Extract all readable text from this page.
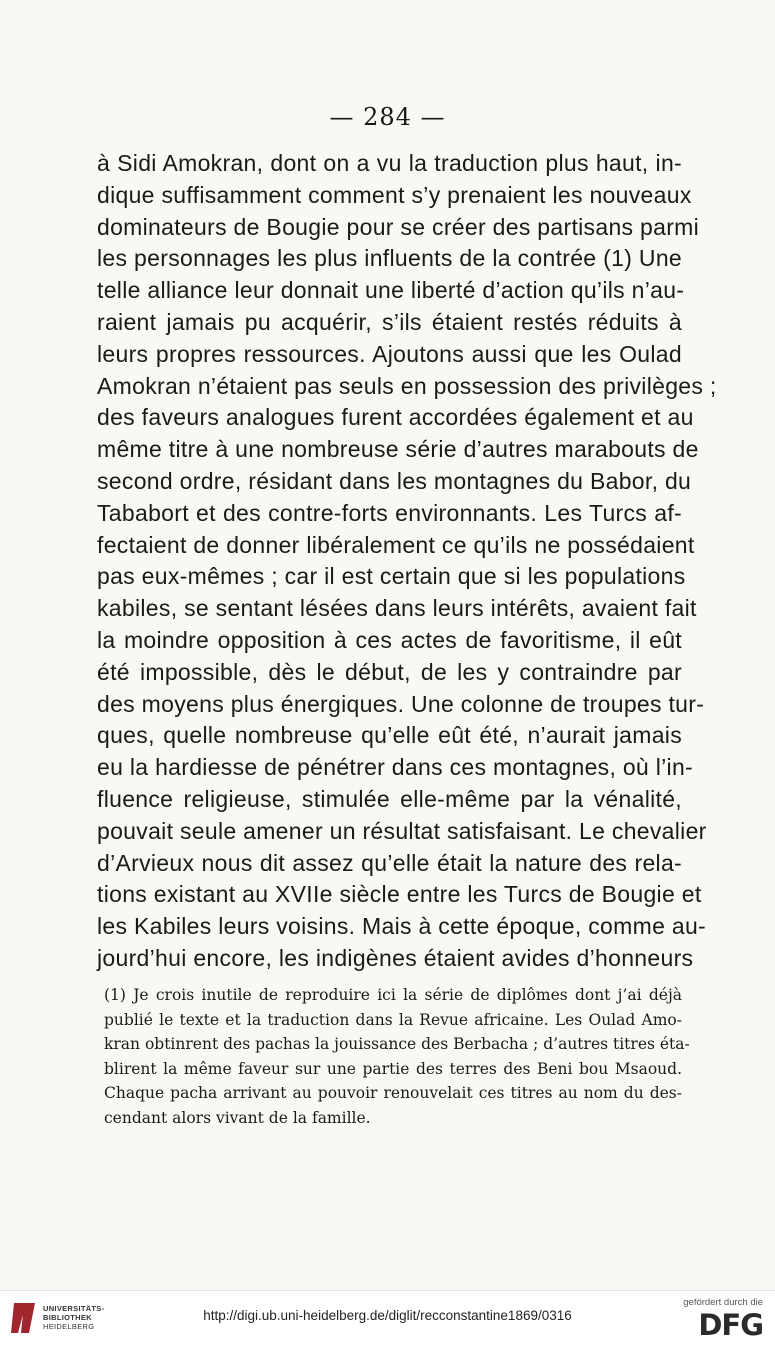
— 284 —
à Sidi Amokran, dont on a vu la traduction plus haut, in-
dique suffisamment comment s’y prenaient les nouveaux
dominateurs de Bougie pour se créer des partisans parmi
les personnages les plus influents de la contrée (1) Une
telle alliance leur donnait une liberté d’action qu’ils n’au-
raient jamais pu acquérir, s’ils étaient restés réduits à
leurs propres ressources. Ajoutons aussi que les Oulad
Amokran n’étaient pas seuls en possession des privilèges ;
des faveurs analogues furent accordées également et au
même titre à une nombreuse série d’autres marabouts de
second ordre, résidant dans les montagnes du Babor, du
Tababort et des contre-forts environnants. Les Turcs af-
fectaient de donner libéralement ce qu’ils ne possédaient
pas eux-mêmes ; car il est certain que si les populations
kabiles, se sentant lésées dans leurs intérêts, avaient fait
la moindre opposition à ces actes de favoritisme, il eût
été impossible, dès le début, de les y contraindre par
des moyens plus énergiques. Une colonne de troupes tur-
ques, quelle nombreuse qu’elle eût été, n’aurait jamais
eu la hardiesse de pénétrer dans ces montagnes, où l’in-
fluence religieuse, stimulée elle-même par la vénalité,
pouvait seule amener un résultat satisfaisant. Le chevalier
d’Arvieux nous dit assez qu’elle était la nature des rela-
tions existant au XVIIe siècle entre les Turcs de Bougie et
les Kabiles leurs voisins. Mais à cette époque, comme au-
jourd’hui encore, les indigènes étaient avides d’honneurs
(1) Je crois inutile de reproduire ici la série de diplômes dont j’ai déjà
publié le texte et la traduction dans la Revue africaine. Les Oulad Amo-
kran obtinrent des pachas la jouissance des Berbacha ; d’autres titres éta-
blirent la même faveur sur une partie des terres des Beni bou Msaoud.
Chaque pacha arrivant au pouvoir renouvelait ces titres au nom du des-
cendant alors vivant de la famille.
UNIVERSITÄTS-
BIBLIOTHEK
HEIDELBERG
http://digi.ub.uni-heidelberg.de/diglit/recconstantine1869/0316
gefördert durch die
DFG
